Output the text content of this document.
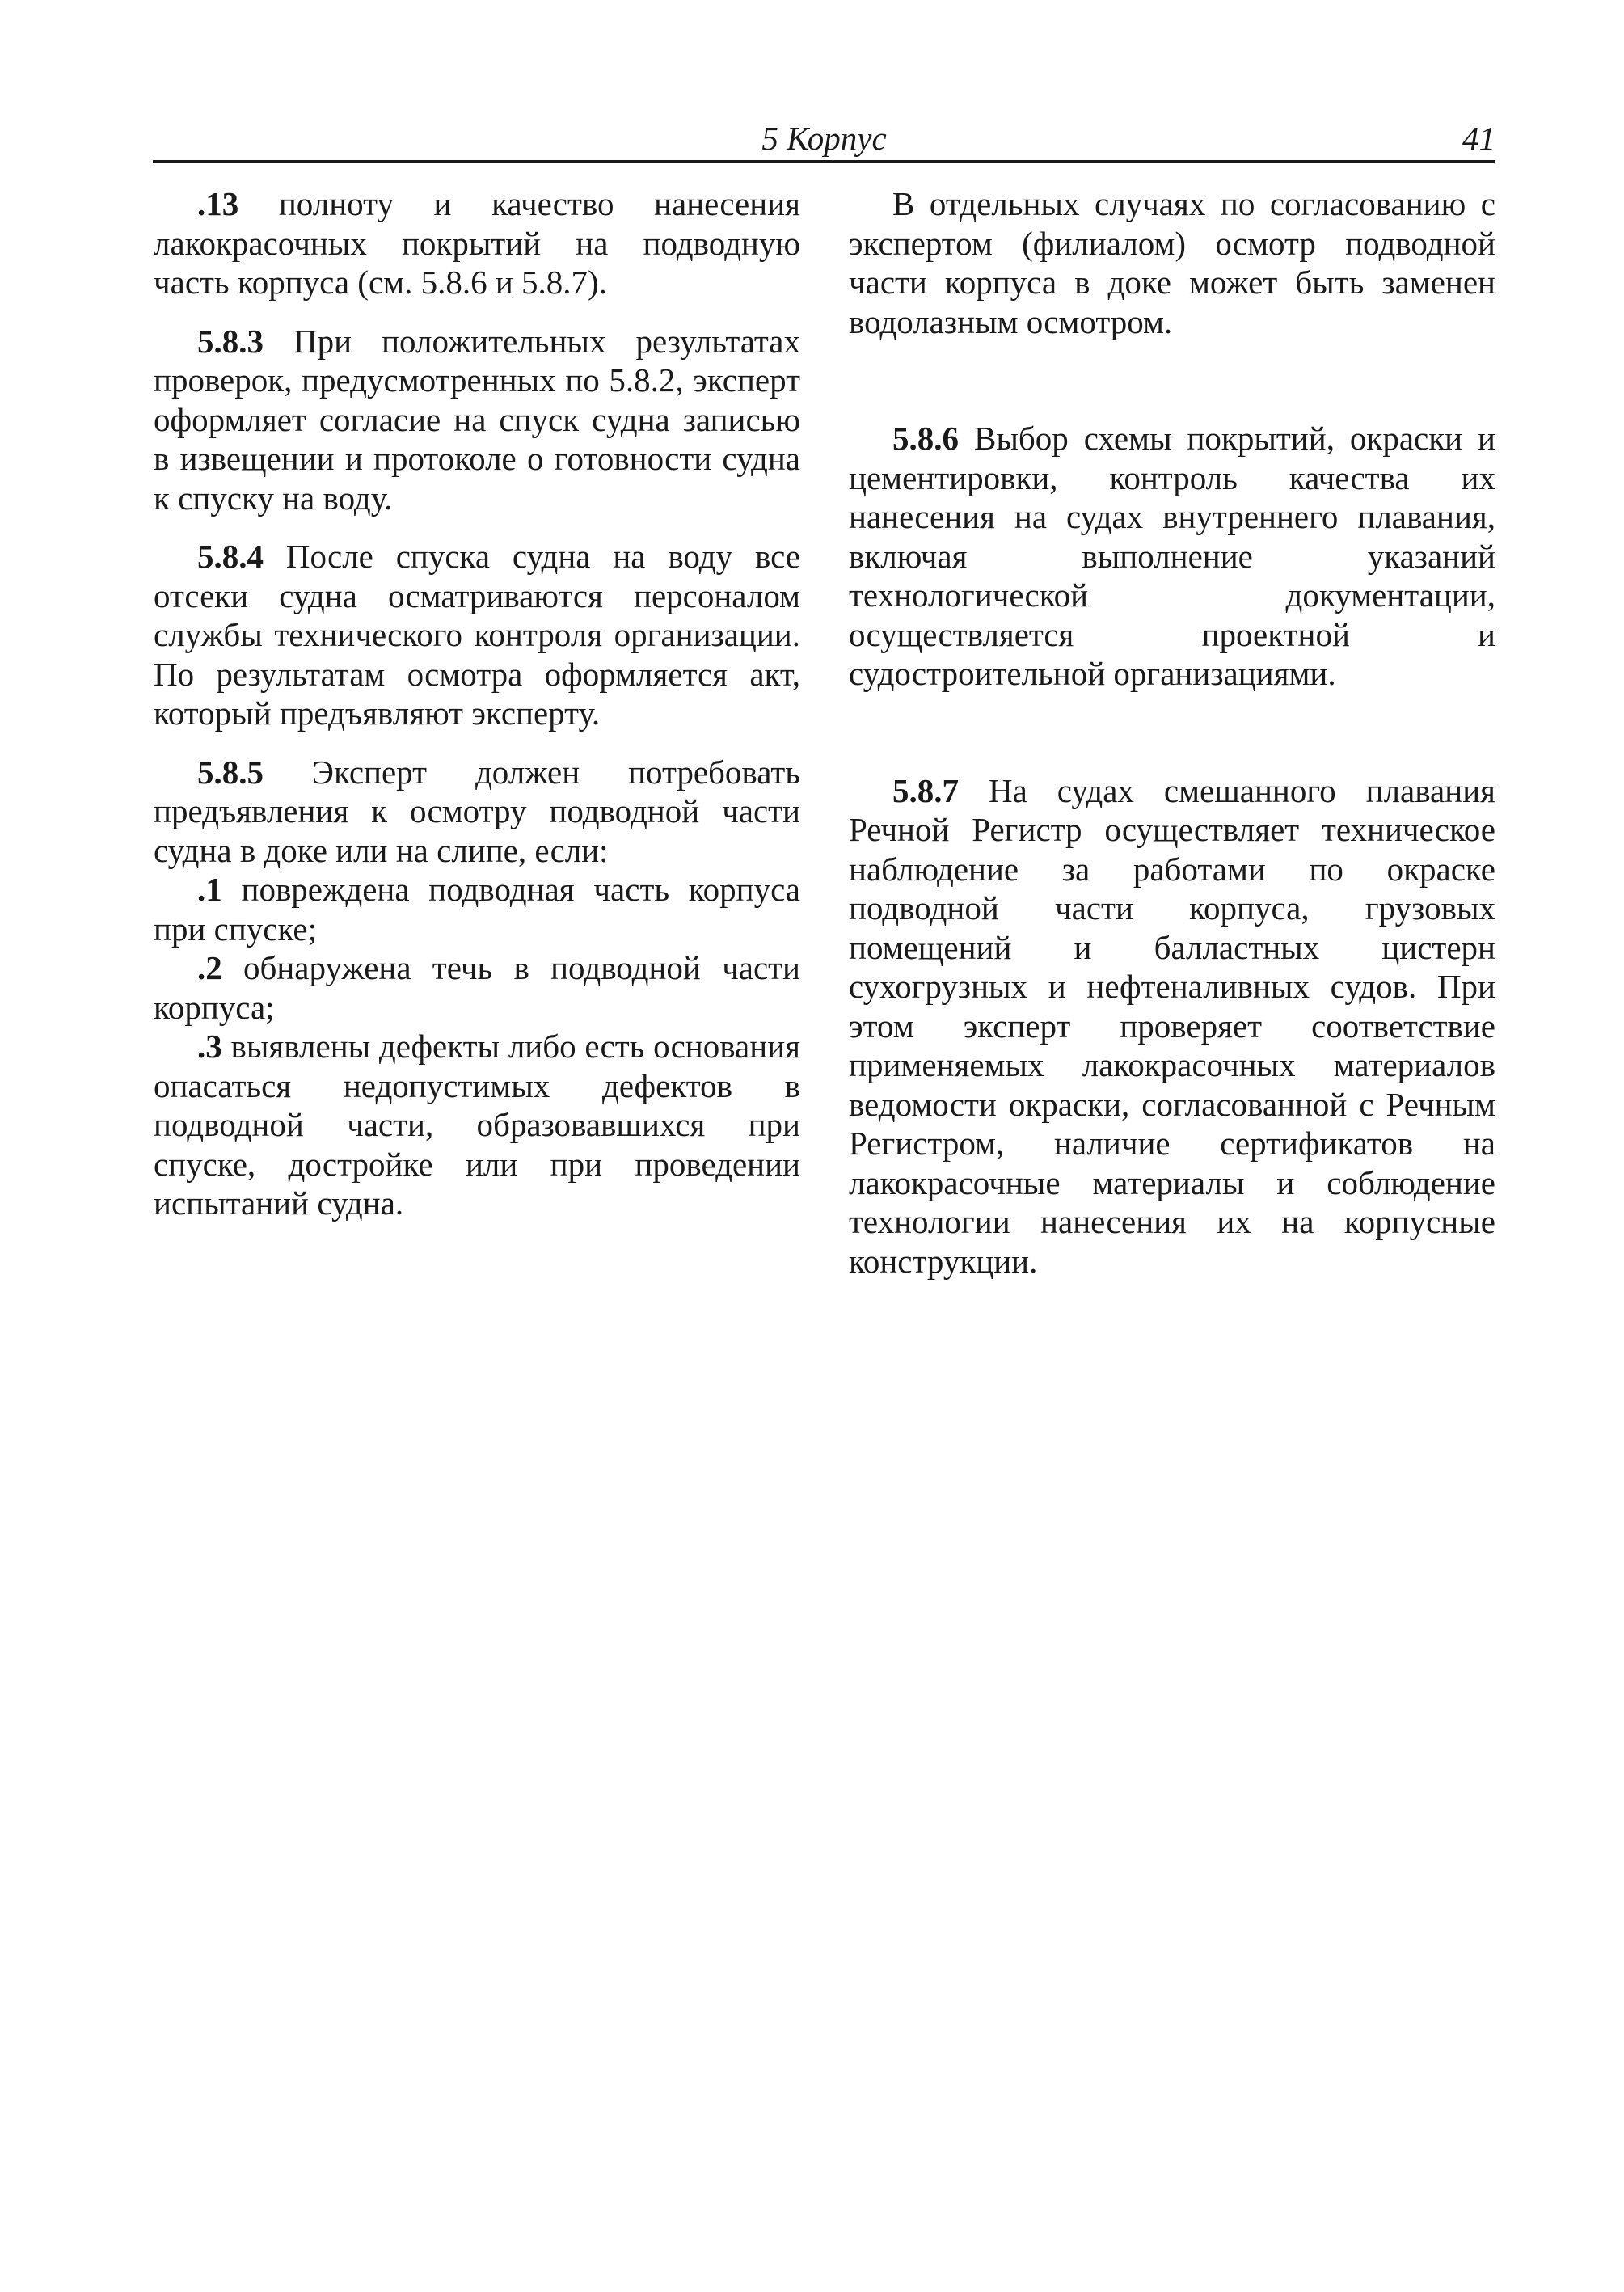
5 Корпус	41

.13 полноту и качество нанесения лакокрасочных покрытий на подводную часть корпуса (см. 5.8.6 и 5.8.7).

5.8.3 При положительных результатах проверок, предусмотренных по 5.8.2, эксперт оформляет согласие на спуск судна записью в извещении и протоколе о готовности судна к спуску на воду.

5.8.4 После спуска судна на воду все отсеки судна осматриваются персоналом службы технического контроля организации. По результатам осмотра оформляется акт, который предъявляют эксперту.

5.8.5 Эксперт должен потребовать предъявления к осмотру подводной части судна в доке или на слипе, если:

.1 повреждена подводная часть корпуса при спуске;

.2 обнаружена течь в подводной части корпуса;

.3 выявлены дефекты либо есть основания опасаться недопустимых дефектов в подводной части, образовавшихся при спуске, достройке или при проведении испытаний судна.

В отдельных случаях по согласованию с экспертом (филиалом) осмотр подводной части корпуса в доке может быть заменен водолазным осмотром.

5.8.6 Выбор схемы покрытий, окраски и цементировки, контроль качества их нанесения на судах внутреннего плавания, включая выполнение указаний технологической документации, осуществляется проектной и судостроительной организациями.

5.8.7 На судах смешанного плавания Речной Регистр осуществляет техническое наблюдение за работами по окраске подводной части корпуса, грузовых помещений и балластных цистерн сухогрузных и нефтеналивных судов. При этом эксперт проверяет соответствие применяемых лакокрасочных материалов ведомости окраски, согласованной с Речным Регистром, наличие сертификатов на лакокрасочные материалы и соблюдение технологии нанесения их на корпусные конструкции.
